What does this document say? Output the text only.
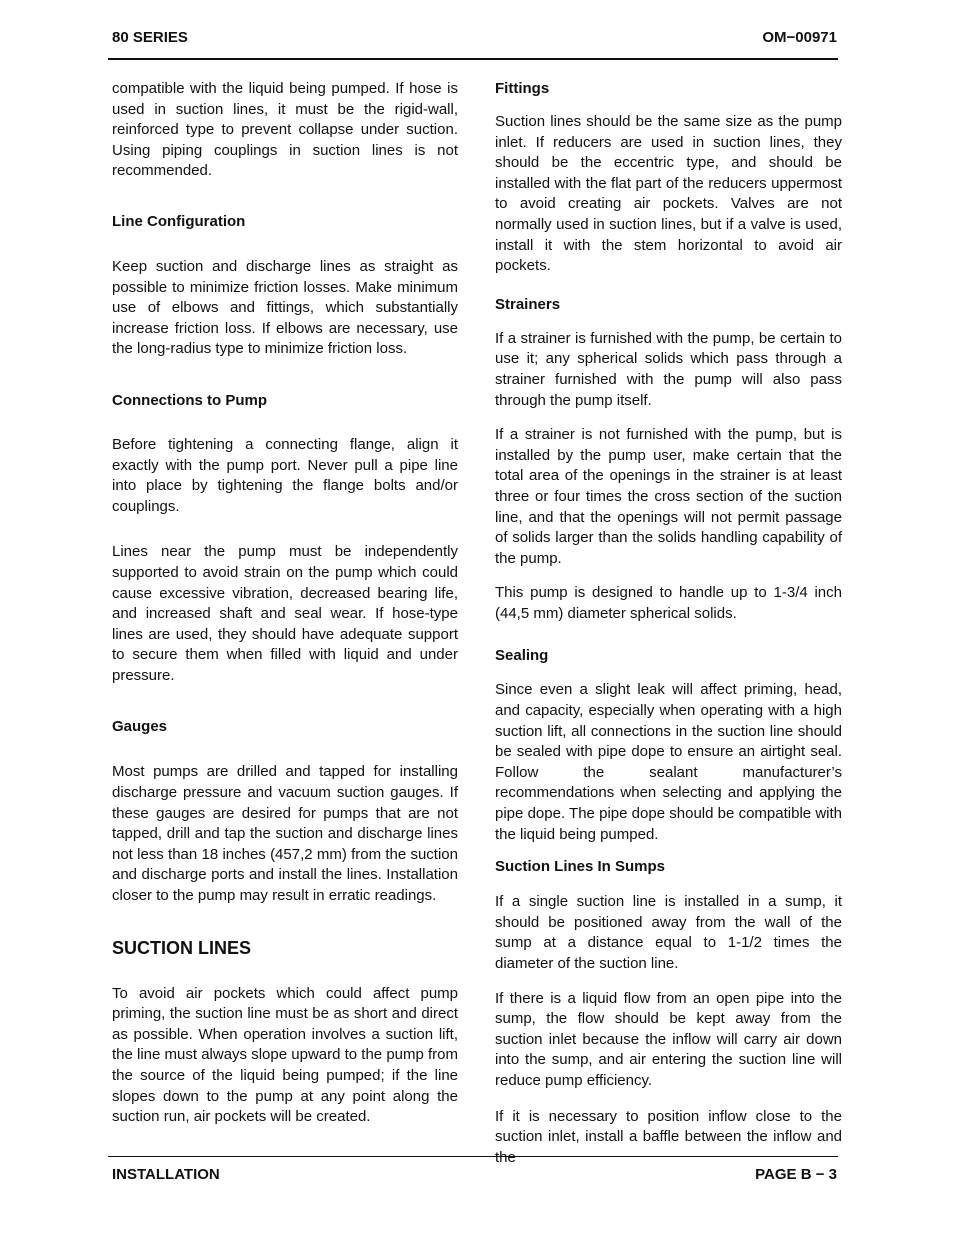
80 SERIES	OM−00971

compatible with the liquid being pumped. If hose is used in suction lines, it must be the rigid-wall, reinforced type to prevent collapse under suction. Using piping couplings in suction lines is not recommended.

Line Configuration

Keep suction and discharge lines as straight as possible to minimize friction losses. Make minimum use of elbows and fittings, which substantially increase friction loss. If elbows are necessary, use the long-radius type to minimize friction loss.

Connections to Pump

Before tightening a connecting flange, align it exactly with the pump port. Never pull a pipe line into place by tightening the flange bolts and/or couplings.

Lines near the pump must be independently supported to avoid strain on the pump which could cause excessive vibration, decreased bearing life, and increased shaft and seal wear. If hose-type lines are used, they should have adequate support to secure them when filled with liquid and under pressure.

Gauges

Most pumps are drilled and tapped for installing discharge pressure and vacuum suction gauges. If these gauges are desired for pumps that are not tapped, drill and tap the suction and discharge lines not less than 18 inches (457,2 mm) from the suction and discharge ports and install the lines. Installation closer to the pump may result in erratic readings.

SUCTION LINES

To avoid air pockets which could affect pump priming, the suction line must be as short and direct as possible. When operation involves a suction lift, the line must always slope upward to the pump from the source of the liquid being pumped; if the line slopes down to the pump at any point along the suction run, air pockets will be created.

Fittings

Suction lines should be the same size as the pump inlet. If reducers are used in suction lines, they should be the eccentric type, and should be installed with the flat part of the reducers uppermost to avoid creating air pockets. Valves are not normally used in suction lines, but if a valve is used, install it with the stem horizontal to avoid air pockets.

Strainers

If a strainer is furnished with the pump, be certain to use it; any spherical solids which pass through a strainer furnished with the pump will also pass through the pump itself.

If a strainer is not furnished with the pump, but is installed by the pump user, make certain that the total area of the openings in the strainer is at least three or four times the cross section of the suction line, and that the openings will not permit passage of solids larger than the solids handling capability of the pump.

This pump is designed to handle up to 1-3/4 inch (44,5 mm) diameter spherical solids.

Sealing

Since even a slight leak will affect priming, head, and capacity, especially when operating with a high suction lift, all connections in the suction line should be sealed with pipe dope to ensure an airtight seal. Follow the sealant manufacturer’s recommendations when selecting and applying the pipe dope. The pipe dope should be compatible with the liquid being pumped.

Suction Lines In Sumps

If a single suction line is installed in a sump, it should be positioned away from the wall of the sump at a distance equal to 1-1/2 times the diameter of the suction line.

If there is a liquid flow from an open pipe into the sump, the flow should be kept away from the suction inlet because the inflow will carry air down into the sump, and air entering the suction line will reduce pump efficiency.

If it is necessary to position inflow close to the suction inlet, install a baffle between the inflow and the

INSTALLATION	PAGE B − 3
